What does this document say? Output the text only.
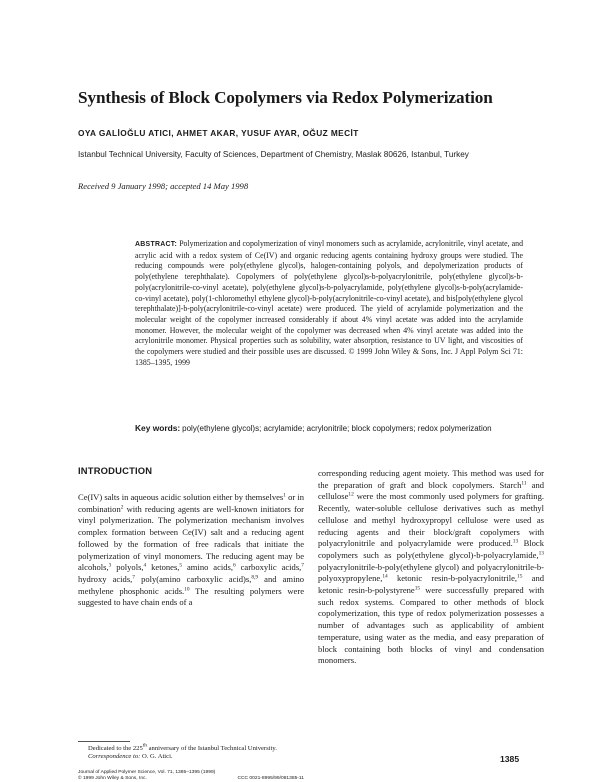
Synthesis of Block Copolymers via Redox Polymerization
OYA GALİOĞLU ATICI, AHMET AKAR, YUSUF AYAR, OĞUZ MECİT
Istanbul Technical University, Faculty of Sciences, Department of Chemistry, Maslak 80626, Istanbul, Turkey
Received 9 January 1998; accepted 14 May 1998

ABSTRACT: Polymerization and copolymerization of vinyl monomers such as acrylamide, acrylonitrile, vinyl acetate, and acrylic acid with a redox system of Ce(IV) and organic reducing agents containing hydroxy groups were studied. The reducing compounds were poly(ethylene glycol)s, halogen-containing polyols, and depolymerization products of poly(ethylene terephthalate). Copolymers of poly(ethylene glycol)s-b-polyacrylonitrile, poly(ethylene glycol)s-b-poly(acrylonitrile-co-vinyl acetate), poly(ethylene glycol)s-b-polyacrylamide, poly(ethylene glycol)s-b-poly(acrylamide-co-vinyl acetate), poly(1-chloromethyl ethylene glycol)-b-poly(acrylonitrile-co-vinyl acetate), and bis[poly(ethylene glycol terephthalate)]-b-poly(acrylonitrile-co-vinyl acetate) were produced. The yield of acrylamide polymerization and the molecular weight of the copolymer increased considerably if about 4% vinyl acetate was added into the acrylamide monomer. However, the molecular weight of the copolymer was decreased when 4% vinyl acetate was added into the acrylonitrile monomer. Physical properties such as solubility, water absorption, resistance to UV light, and viscosities of the copolymers were studied and their possible uses are discussed. © 1999 John Wiley & Sons, Inc. J Appl Polym Sci 71: 1385–1395, 1999

Key words: poly(ethylene glycol)s; acrylamide; acrylonitrile; block copolymers; redox polymerization

INTRODUCTION

Ce(IV) salts in aqueous acidic solution either by themselves$^1$ or in combination$^2$ with reducing agents are well-known initiators for vinyl polymerization. The polymerization mechanism involves complex formation between Ce(IV) salt and a reducing agent followed by the formation of free radicals that initiate the polymerization of vinyl monomers. The reducing agent may be alcohols,$^3$ polyols,$^4$ ketones,$^5$ amino acids,$^6$ carboxylic acids,$^7$ hydroxy acids,$^7$ poly(amino carboxylic acid)s,$^{8,9}$ and amino methylene phosphonic acids.$^{10}$ The resulting polymers were suggested to have chain ends of a

corresponding reducing agent moiety. This method was used for the preparation of graft and block copolymers. Starch$^{11}$ and cellulose$^{12}$ were the most commonly used polymers for grafting. Recently, water-soluble cellulose derivatives such as methyl cellulose and methyl hydroxypropyl cellulose were used as reducing agents and their block/graft copolymers with polyacrylonitrile and polyacrylamide were produced.$^{13}$ Block copolymers such as poly(ethylene glycol)-b-polyacrylamide,$^{13}$ polyacrylonitrile-b-poly(ethylene glycol) and polyacrylonitrile-b-polyoxypropylene,$^{14}$ ketonic resin-b-polyacrylonitrile,$^{15}$ and ketonic resin-b-polystyrene$^{15}$ were successfully prepared with such redox systems. Compared to other methods of block copolymerization, this type of redox polymerization possesses a number of advantages such as applicability of ambient temperature, using water as the media, and easy preparation of block containing both blocks of vinyl and condensation monomers.

Dedicated to the 225th anniversary of the Istanbul Technical University.
Correspondence to: O. G. Atici.

Journal of Applied Polymer Science, Vol. 71, 1385–1395 (1999)
© 1999 John Wiley & Sons, Inc.	CCC 0021-8995/99/081385-11
1385
